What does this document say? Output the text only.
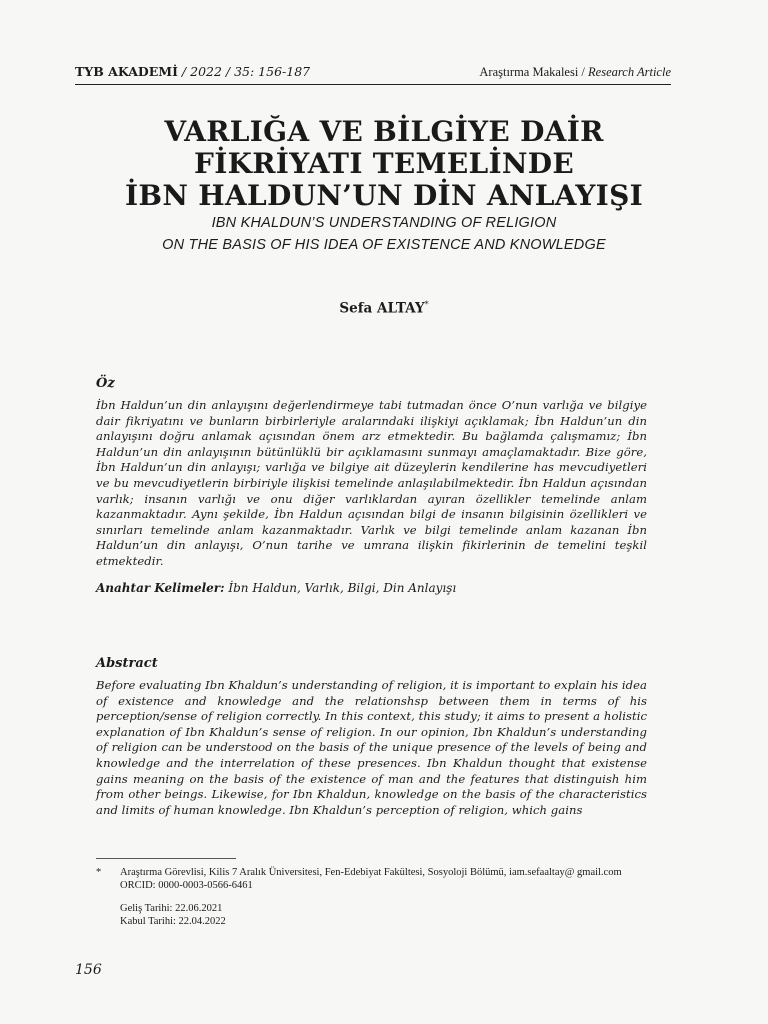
TYB AKADEMİ / 2022 / 35: 156-187	Araştırma Makalesi / Research Article
VARLIĞA VE BİLGİYE DAİR
FİKRİYATI TEMELİNDE
İBN HALDUN’UN DİN ANLAYIŞI
IBN KHALDUN’S UNDERSTANDING OF RELIGION
ON THE BASIS OF HIS IDEA OF EXISTENCE AND KNOWLEDGE
Sefa ALTAY*
Öz

İbn Haldun’un din anlayışını değerlendirmeye tabi tutmadan önce O’nun varlığa ve bilgiye dair fikriyatını ve bunların birbirleriyle aralarındaki ilişkiyi açıklamak; İbn Haldun’un din anlayışını doğru anlamak açısından önem arz etmektedir. Bu bağlamda çalışmamız; İbn Haldun’un din anlayışının bütünlüklü bir açıklamasını sunmayı amaçlamaktadır. Bize göre, İbn Haldun’un din anlayışı; varlığa ve bilgiye ait düzeylerin kendilerine has mevcudiyetleri ve bu mevcudiyetlerin birbiriyle ilişkisi temelinde anlaşılabilmektedir. İbn Haldun açısından varlık; insanın varlığı ve onu diğer varlıklardan ayıran özellikler temelinde anlam kazanmaktadır. Aynı şekilde, İbn Haldun açısından bilgi de insanın bilgisinin özellikleri ve sınırları temelinde anlam kazanmaktadır. Varlık ve bilgi temelinde anlam kazanan İbn Haldun’un din anlayışı, O’nun tarihe ve umrana ilişkin fikirlerinin de temelini teşkil etmektedir.

Anahtar Kelimeler: İbn Haldun, Varlık, Bilgi, Din Anlayışı
Abstract

Before evaluating Ibn Khaldun’s understanding of religion, it is important to explain his idea of existence and knowledge and the relationshsp between them in terms of his perception/sense of religion correctly. In this context, this study; it aims to present a holistic explanation of Ibn Khaldun’s sense of religion. In our opinion, Ibn Khaldun’s understanding of religion can be understood on the basis of the unique presence of the levels of being and knowledge and the interrelation of these presences. Ibn Khaldun thought that existense gains meaning on the basis of the existence of man and the features that distinguish him from other beings. Likewise, for Ibn Khaldun, knowledge on the basis of the characteristics and limits of human knowledge. Ibn Khaldun’s perception of religion, which gains

*	Araştırma Görevlisi, Kilis 7 Aralık Üniversitesi, Fen-Edebiyat Fakültesi, Sosyoloji Bölümü, iam.sefaaltay@ gmail.com ORCID: 0000-0003-0566-6461
Geliş Tarihi: 22.06.2021
Kabul Tarihi: 22.04.2022
156
